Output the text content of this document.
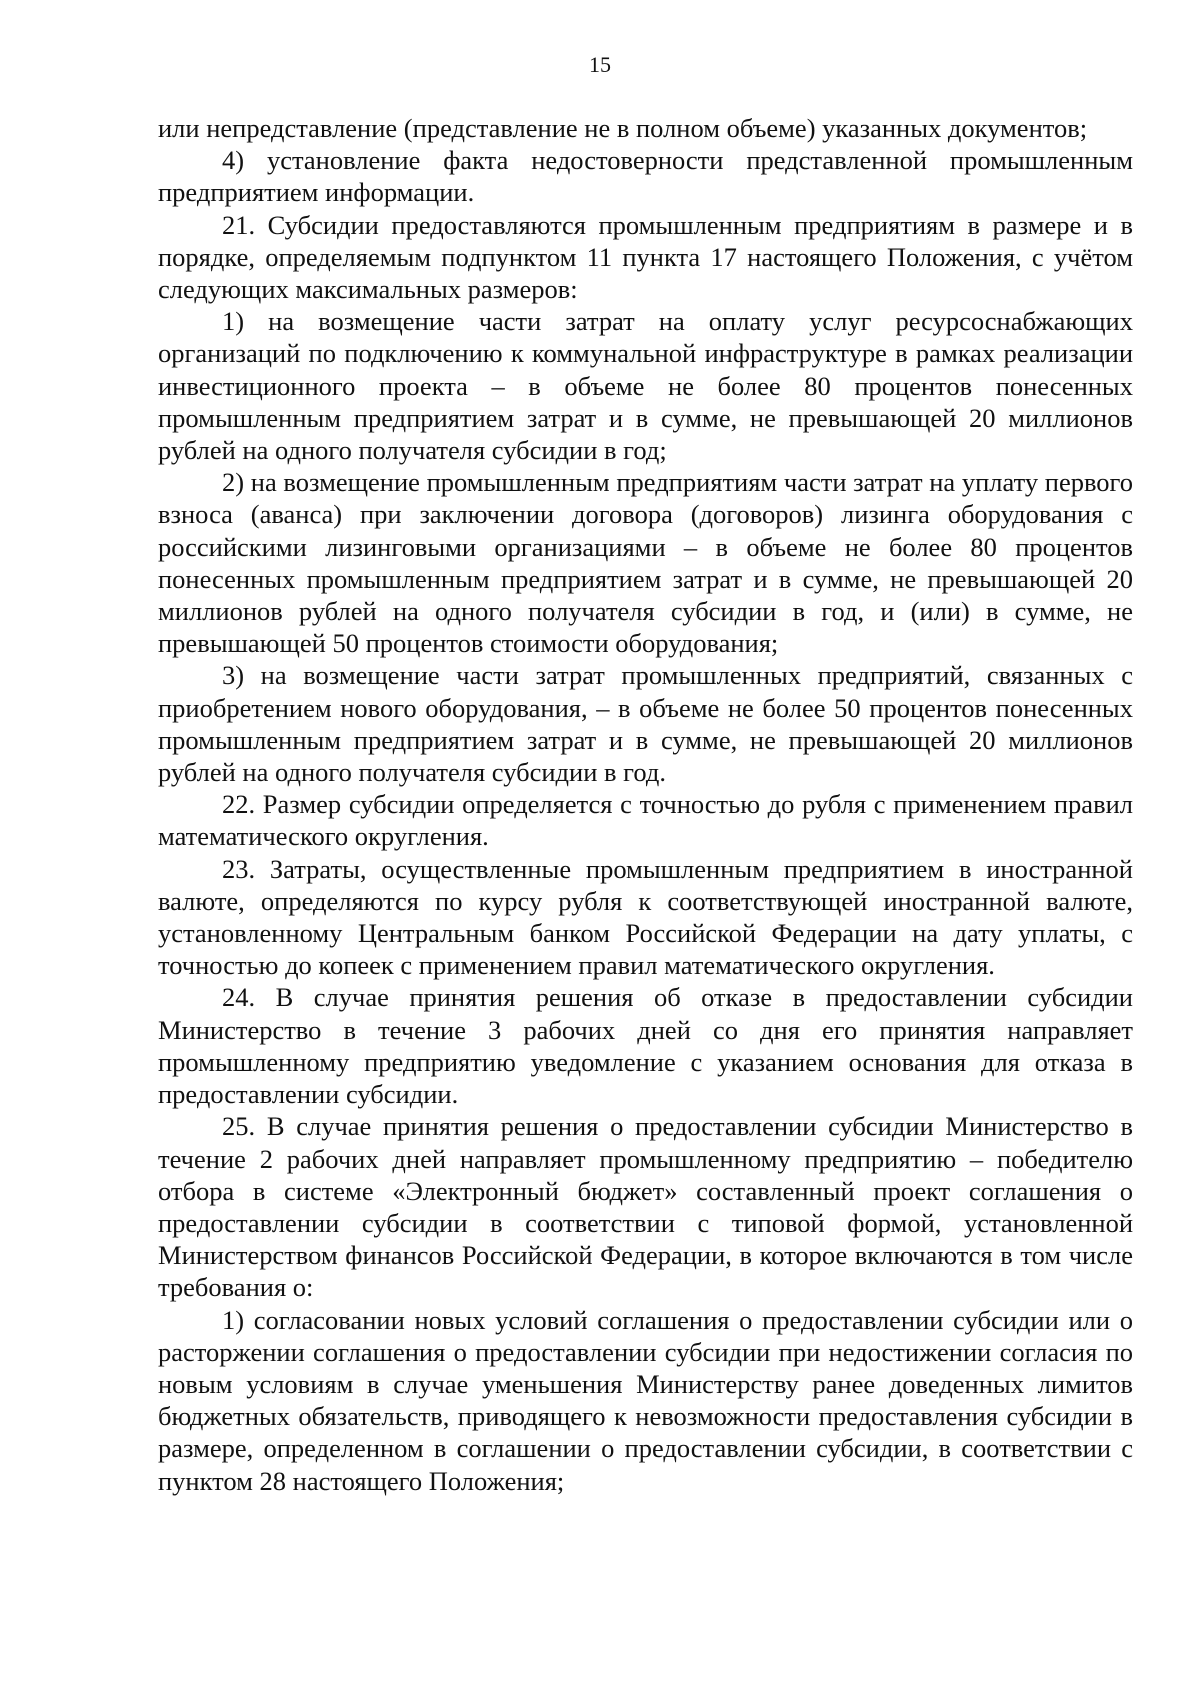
15

или непредставление (представление не в полном объеме) указанных документов;

4) установление факта недостоверности представленной промышленным предприятием информации.

21. Субсидии предоставляются промышленным предприятиям в размере и в порядке, определяемым подпунктом 11 пункта 17 настоящего Положения, с учётом следующих максимальных размеров:

1) на возмещение части затрат на оплату услуг ресурсоснабжающих организаций по подключению к коммунальной инфраструктуре в рамках реализации инвестиционного проекта – в объеме не более 80 процентов понесенных промышленным предприятием затрат и в сумме, не превышающей 20 миллионов рублей на одного получателя субсидии в год;

2) на возмещение промышленным предприятиям части затрат на уплату первого взноса (аванса) при заключении договора (договоров) лизинга оборудования с российскими лизинговыми организациями – в объеме не более 80 процентов понесенных промышленным предприятием затрат и в сумме, не превышающей 20 миллионов рублей на одного получателя субсидии в год, и (или) в сумме, не превышающей 50 процентов стоимости оборудования;

3) на возмещение части затрат промышленных предприятий, связанных с приобретением нового оборудования, – в объеме не более 50 процентов понесенных промышленным предприятием затрат и в сумме, не превышающей 20 миллионов рублей на одного получателя субсидии в год.

22. Размер субсидии определяется с точностью до рубля с применением правил математического округления.

23. Затраты, осуществленные промышленным предприятием в иностранной валюте, определяются по курсу рубля к соответствующей иностранной валюте, установленному Центральным банком Российской Федерации на дату уплаты, с точностью до копеек с применением правил математического округления.

24. В случае принятия решения об отказе в предоставлении субсидии Министерство в течение 3 рабочих дней со дня его принятия направляет промышленному предприятию уведомление с указанием основания для отказа в предоставлении субсидии.

25. В случае принятия решения о предоставлении субсидии Министерство в течение 2 рабочих дней направляет промышленному предприятию – победителю отбора в системе «Электронный бюджет» составленный проект соглашения о предоставлении субсидии в соответствии с типовой формой, установленной Министерством финансов Российской Федерации, в которое включаются в том числе требования о:

1) согласовании новых условий соглашения о предоставлении субсидии или о расторжении соглашения о предоставлении субсидии при недостижении согласия по новым условиям в случае уменьшения Министерству ранее доведенных лимитов бюджетных обязательств, приводящего к невозможности предоставления субсидии в размере, определенном в соглашении о предоставлении субсидии, в соответствии с пунктом 28 настоящего Положения;
